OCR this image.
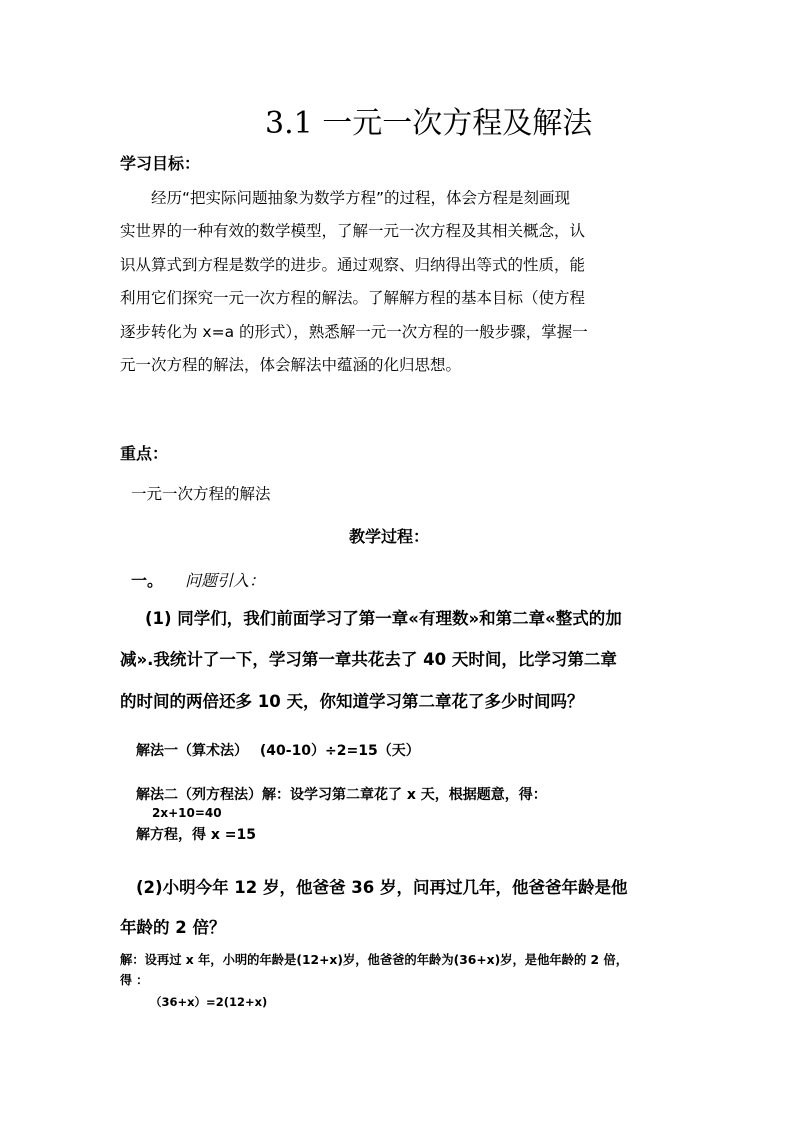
3.1 一元一次方程及解法
学习目标：

经历“把实际问题抽象为数学方程”的过程，体会方程是刻画现

实世界的一种有效的数学模型，了解一元一次方程及其相关概念，认

识从算式到方程是数学的进步。通过观察、归纳得出等式的性质，能

利用它们探究一元一次方程的解法。了解解方程的基本目标（使方程

逐步转化为 x=a 的形式），熟悉解一元一次方程的一般步骤，掌握一

元一次方程的解法，体会解法中蕴涵的化归思想。

重点：
一元一次方程的解法
教学过程：
一。 问题引入：
(1) 同学们，我们前面学习了第一章«有理数»和第二章«整式的加
减».我统计了一下，学习第一章共花去了 40 天时间，比学习第二章
的时间的两倍还多 10 天，你知道学习第二章花了多少时间吗？
解法一（算术法）　 (40-10）÷2=15（天）
解法二（列方程法）解：设学习第二章花了 x 天，根据题意，得：
2x+10=40
解方程，得 x =15
(2)小明今年 12 岁，他爸爸 36 岁，问再过几年，他爸爸年龄是他
年龄的 2 倍？
解：设再过 x 年，小明的年龄是(12+x)岁，他爸爸的年龄为(36+x)岁，是他年龄的 2 倍，
得 ：
（36+x）=2(12+x)
